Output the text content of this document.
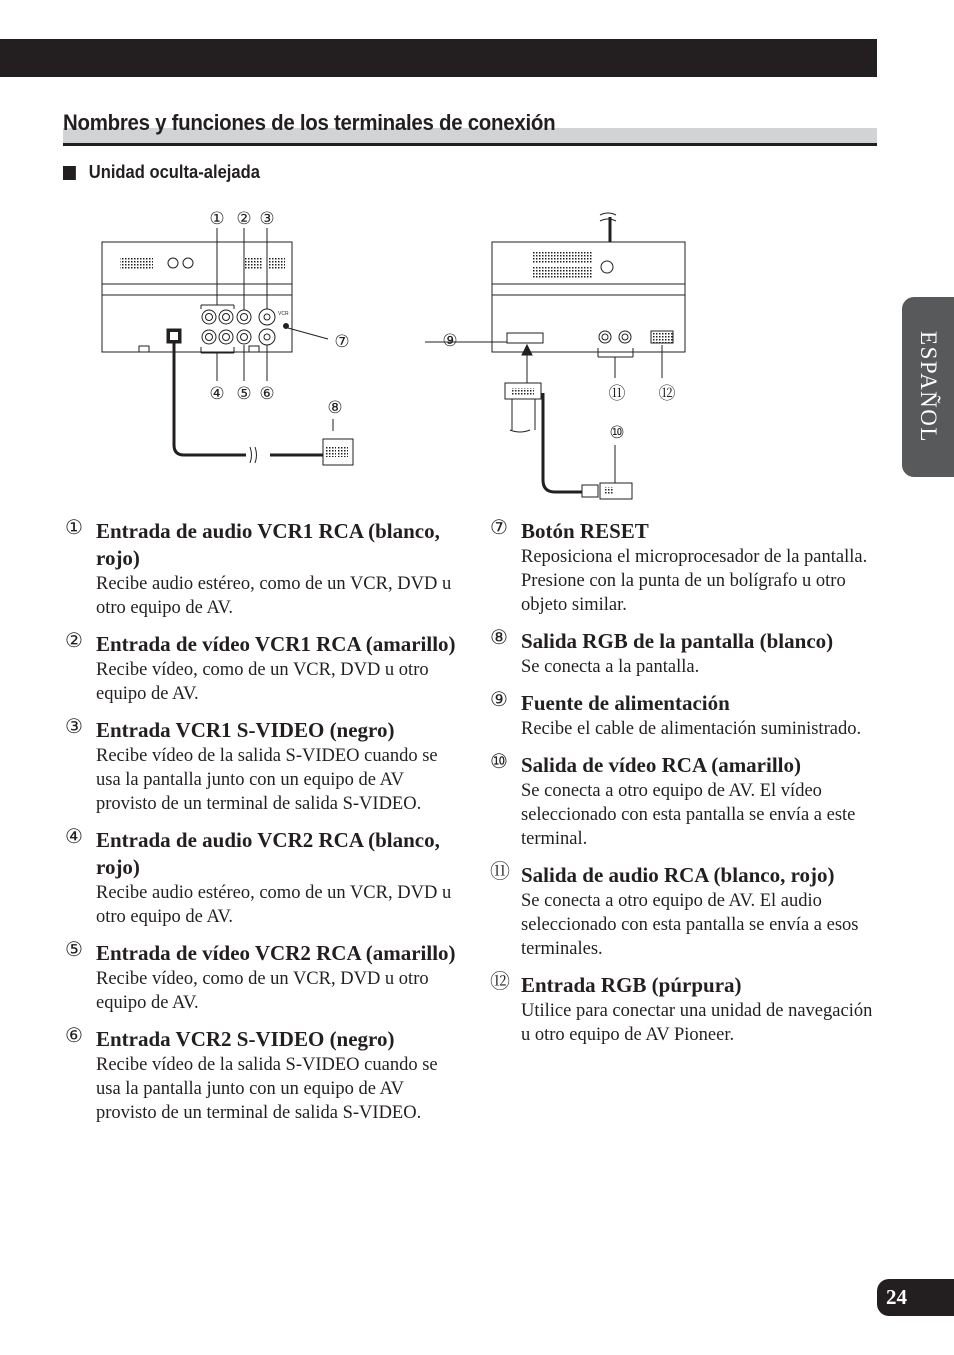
Nombres y funciones de los terminales de conexión
Unidad oculta-alejada
VCR
① ② ③
④ ⑤ ⑥
⑦
⑧
⑨
⑩
⑪ ⑫
① Entrada de audio VCR1 RCA (blanco, rojo)
Recibe audio estéreo, como de un VCR, DVD u otro equipo de AV.
② Entrada de vídeo VCR1 RCA (amarillo)
Recibe vídeo, como de un VCR, DVD u otro equipo de AV.
③ Entrada VCR1 S-VIDEO (negro)
Recibe vídeo de la salida S-VIDEO cuando se usa la pantalla junto con un equipo de AV provisto de un terminal de salida S-VIDEO.
④ Entrada de audio VCR2 RCA (blanco, rojo)
Recibe audio estéreo, como de un VCR, DVD u otro equipo de AV.
⑤ Entrada de vídeo VCR2 RCA (amarillo)
Recibe vídeo, como de un VCR, DVD u otro equipo de AV.
⑥ Entrada VCR2 S-VIDEO (negro)
Recibe vídeo de la salida S-VIDEO cuando se usa la pantalla junto con un equipo de AV provisto de un terminal de salida S-VIDEO.
⑦ Botón RESET
Reposiciona el microprocesador de la pantalla. Presione con la punta de un bolígrafo u otro objeto similar.
⑧ Salida RGB de la pantalla (blanco)
Se conecta a la pantalla.
⑨ Fuente de alimentación
Recibe el cable de alimentación suministrado.
⑩ Salida de vídeo RCA (amarillo)
Se conecta a otro equipo de AV. El vídeo seleccionado con esta pantalla se envía a este terminal.
⑪ Salida de audio RCA (blanco, rojo)
Se conecta a otro equipo de AV. El audio seleccionado con esta pantalla se envía a esos terminales.
⑫ Entrada RGB (púrpura)
Utilice para conectar una unidad de navegación u otro equipo de AV Pioneer.
ESPAÑOL
24
